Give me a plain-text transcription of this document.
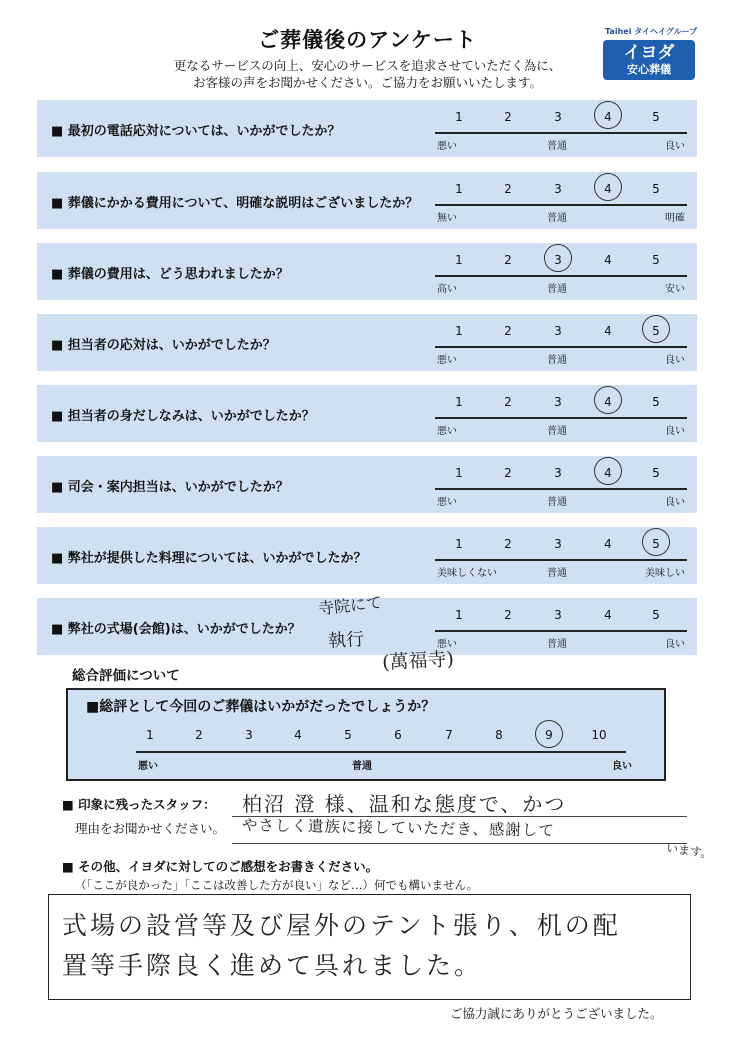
ご葬儀後のアンケート
更なるサービスの向上、安心のサービスを追求させていただく為に、
お客様の声をお聞かせください。ご協力をお願いいたします。
Taihei タイヘイグループ
イヨダ
安心葬儀
■ 最初の電話応対については、いかがでしたか？
1	2	3	4	5
悪い	普通	良い
■ 葬儀にかかる費用について、明確な説明はございましたか？
1	2	3	4	5
無い	普通	明確
■ 葬儀の費用は、どう思われましたか？
1	2	3	4	5
高い	普通	安い
■ 担当者の応対は、いかがでしたか？
1	2	3	4	5
悪い	普通	良い
■ 担当者の身だしなみは、いかがでしたか？
1	2	3	4	5
悪い	普通	良い
■ 司会・案内担当は、いかがでしたか？
1	2	3	4	5
悪い	普通	良い
■ 弊社が提供した料理については、いかがでしたか？
1	2	3	4	5
美味しくない	普通	美味しい
■ 弊社の式場(会館)は、いかがでしたか？
1	2	3	4	5
悪い	普通	良い
寺院にて
執行
(萬福寺)
総合評価について
■総評として今回のご葬儀はいかがだったでしょうか？
悪い	普通	良い
1	2	3	4	5	6	7	8	9	10
■ 印象に残ったスタッフ：
理由をお聞かせください。
柏沼 澄 様、温和な態度で、かつ
やさしく遺族に接していただき、感謝して
います。
■ その他、イヨダに対してのご感想をお書きください。
（「ここが良かった」「ここは改善した方が良い」など…）何でも構いません。
式場の設営等及び屋外のテント張り、机の配
置等手際良く進めて呉れました。
ご協力誠にありがとうございました。
